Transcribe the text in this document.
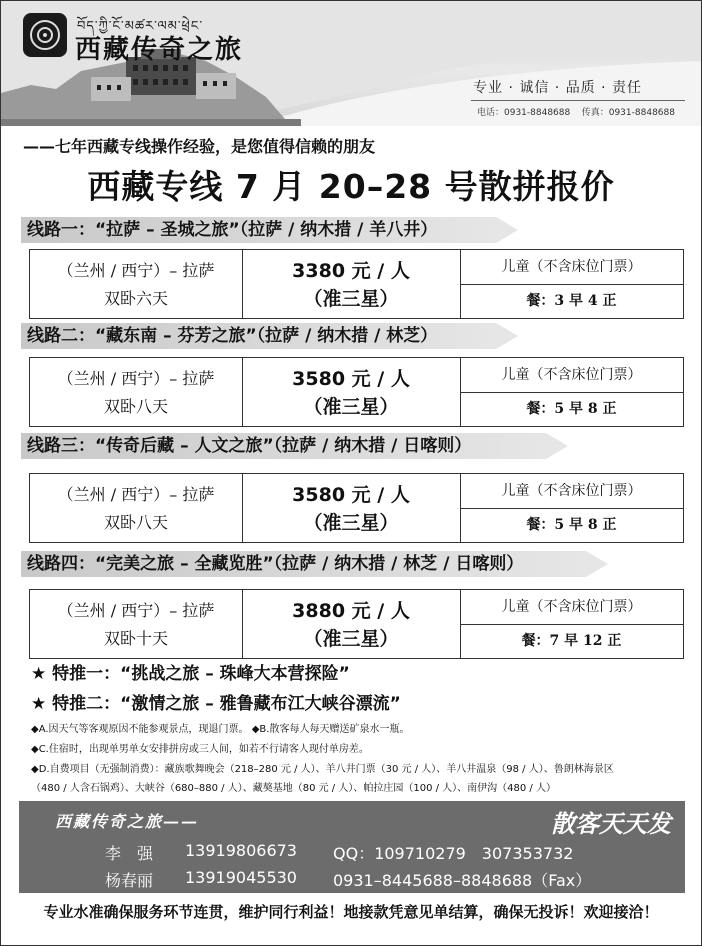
བོད་ཀྱི་ངོ་མཚར་ལམ་ཕྲེང་
西藏传奇之旅
专业 · 诚信 · 品质 · 责任
电话：0931-8848688 传真：0931-8848688
——七年西藏专线操作经验，是您值得信赖的朋友
西藏专线 7 月 20–28 号散拼报价
线路一：“拉萨 – 圣城之旅”（拉萨 / 纳木措 / 羊八井）
（兰州 / 西宁）– 拉萨
双卧六天
3380 元 / 人
（准三星）
儿童（不含床位门票）
餐：3 早 4 正
线路二：“藏东南 – 芬芳之旅”（拉萨 / 纳木措 / 林芝）
（兰州 / 西宁）– 拉萨
双卧八天
3580 元 / 人
（准三星）
儿童（不含床位门票）
餐：5 早 8 正
线路三：“传奇后藏 – 人文之旅”（拉萨 / 纳木措 / 日喀则）
（兰州 / 西宁）– 拉萨
双卧八天
3580 元 / 人
（准三星）
儿童（不含床位门票）
餐：5 早 8 正
线路四：“完美之旅 – 全藏览胜”（拉萨 / 纳木措 / 林芝 / 日喀则）
（兰州 / 西宁）– 拉萨
双卧十天
3880 元 / 人
（准三星）
儿童（不含床位门票）
餐：7 早 12 正
★ 特推一：“挑战之旅 – 珠峰大本营探险”
★ 特推二：“激情之旅 – 雅鲁藏布江大峡谷漂流”
◆A.因天气等客观原因不能参观景点，现退门票。 ◆B.散客每人每天赠送矿泉水一瓶。
◆C.住宿时，出现单男单女安排拼房或三人间，如若不行请客人现付单房差。
◆D.自费项目（无强制消费）：藏族歌舞晚会（218–280 元 / 人）、羊八井门票（30 元 / 人）、羊八井温泉（98 / 人）、鲁朗林海景区
（480 / 人含石锅鸡）、大峡谷（680–880 / 人）、藏獒基地（80 元 / 人）、帕拉庄园（100 / 人）、南伊沟（480 / 人）
西藏传奇之旅——	散客天天发
李　强 13919806673 QQ：109710279　307353732
杨春丽 13919045530 0931–8445688–8848688（Fax）
专业水准确保服务环节连贯，维护同行利益！地接款凭意见单结算，确保无投诉！欢迎接洽！
